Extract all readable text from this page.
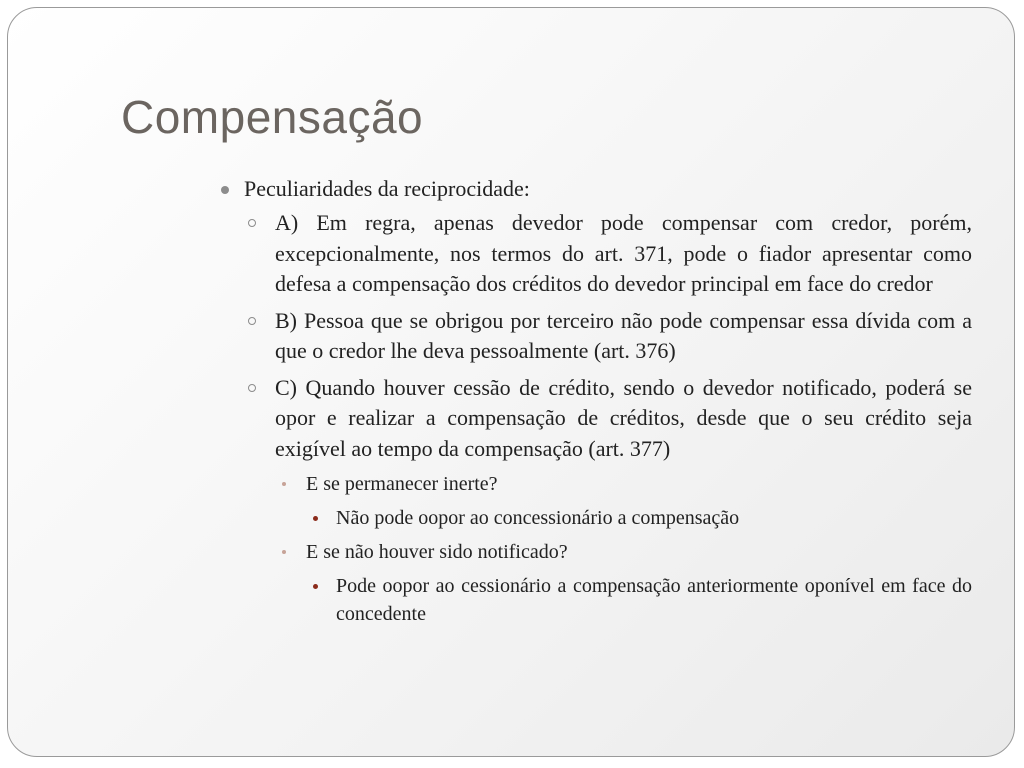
Compensação
Peculiaridades da reciprocidade:
A) Em regra, apenas devedor pode compensar com credor, porém, excepcionalmente, nos termos do art. 371, pode o fiador apresentar como defesa a compensação dos créditos do devedor principal em face do credor
B) Pessoa que se obrigou por terceiro não pode compensar essa dívida com a que o credor lhe deva pessoalmente (art. 376)
C) Quando houver cessão de crédito, sendo o devedor notificado, poderá se opor e realizar a compensação de créditos, desde que o seu crédito seja exigível ao tempo da compensação (art. 377)
E se permanecer inerte?
Não pode oopor ao concessionário a compensação
E se não houver sido notificado?
Pode oopor ao cessionário a compensação anteriormente oponível em face do concedente
